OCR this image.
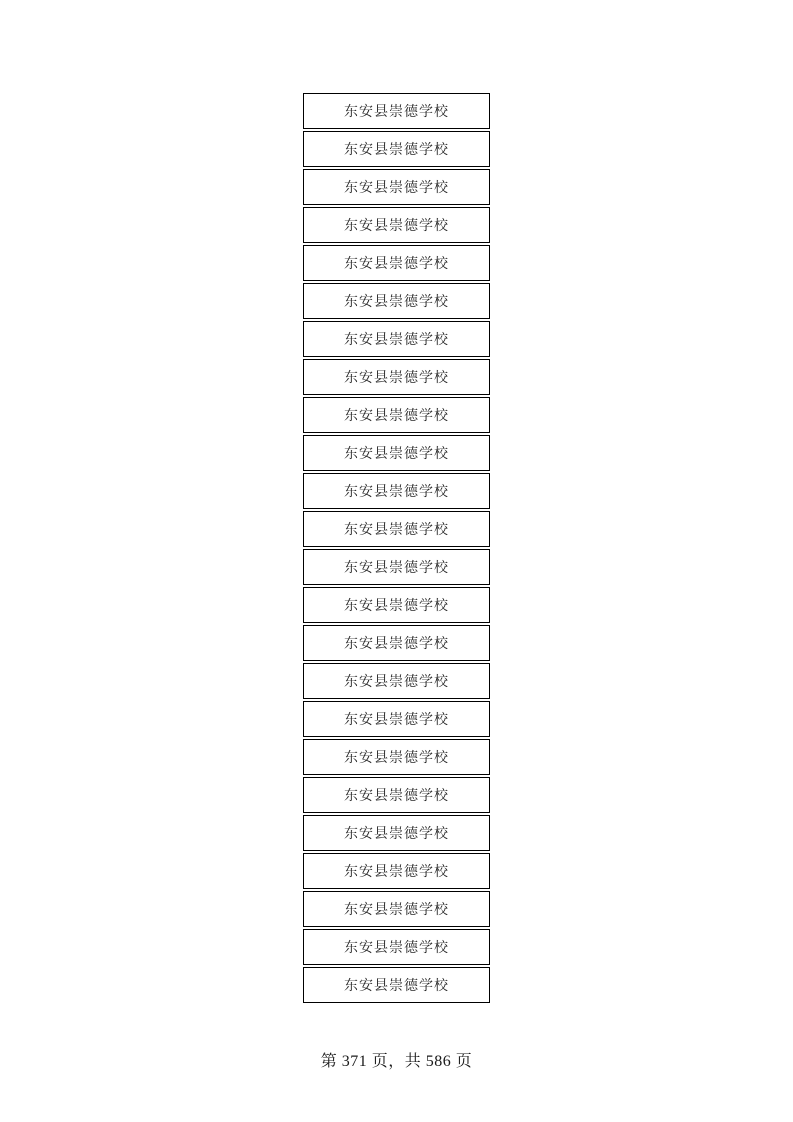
东安县崇德学校
东安县崇德学校
东安县崇德学校
东安县崇德学校
东安县崇德学校
东安县崇德学校
东安县崇德学校
东安县崇德学校
东安县崇德学校
东安县崇德学校
东安县崇德学校
东安县崇德学校
东安县崇德学校
东安县崇德学校
东安县崇德学校
东安县崇德学校
东安县崇德学校
东安县崇德学校
东安县崇德学校
东安县崇德学校
东安县崇德学校
东安县崇德学校
东安县崇德学校
东安县崇德学校
第 371 页，共 586 页
